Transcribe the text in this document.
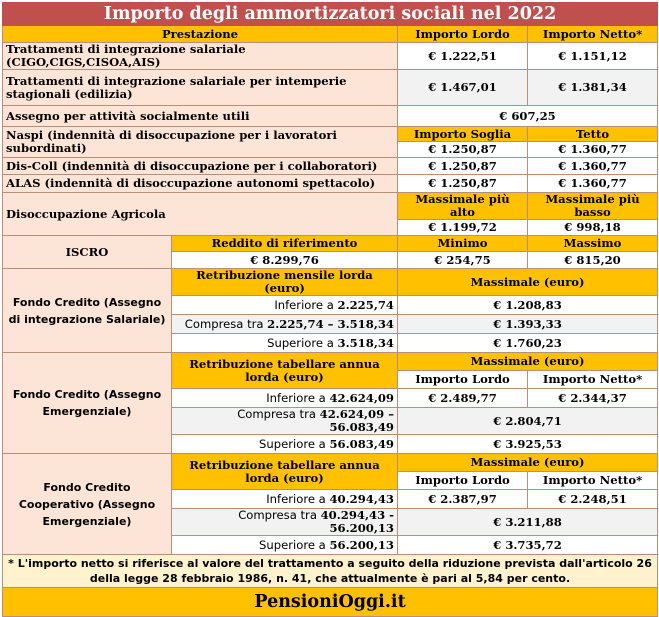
Importo degli ammortizzatori sociali nel 2022			
Prestazione		Importo Lordo	Importo Netto*
Trattamenti di integrazione salariale (CIGO,CIGS,CISOA,AIS)		€ 1.222,51	€ 1.151,12
Trattamenti di integrazione salariale per intemperie stagionali (edilizia)		€ 1.467,01	€ 1.381,34
Assegno per attività socialmente utili		€ 607,25	
Naspi (indennità di disoccupazione per i lavoratori subordinati)		Importo Soglia	Tetto
		€ 1.250,87	€ 1.360,77
Dis-Coll (indennità di disoccupazione per i collaboratori)		€ 1.250,87	€ 1.360,77
ALAS (indennità di disoccupazione autonomi spettacolo)		€ 1.250,87	€ 1.360,77
Disoccupazione Agricola		Massimale più alto	Massimale più basso
		€ 1.199,72	€ 998,18
ISCRO	Reddito di riferimento	Minimo	Massimo
	€ 8.299,76	€ 254,75	€ 815,20
Fondo Credito (Assegno di integrazione Salariale)	Retribuzione mensile lorda (euro)	Massimale (euro)	
	Inferiore a 2.225,74	€ 1.208,83	
	Compresa tra 2.225,74 – 3.518,34	€ 1.393,33	
	Superiore a 3.518,34	€ 1.760,23	
Fondo Credito (Assegno Emergenziale)	Retribuzione tabellare annua lorda (euro)	Massimale (euro)	
		Importo Lordo	Importo Netto*
	Inferiore a 42.624,09	€ 2.489,77	€ 2.344,37
	Compresa tra 42.624,09 – 56.083,49	€ 2.804,71	
	Superiore a 56.083,49	€ 3.925,53	
Fondo Credito Cooperativo (Assegno Emergenziale)	Retribuzione tabellare annua lorda (euro)	Massimale (euro)	
		Importo Lordo	Importo Netto*
	Inferiore a 40.294,43	€ 2.387,97	€ 2.248,51
	Compresa tra 40.294,43 - 56.200,13	€ 3.211,88	
	Superiore a 56.200,13	€ 3.735,72	
* L'importo netto si riferisce al valore del trattamento a seguito della riduzione prevista dall'articolo 26 della legge 28 febbraio 1986, n. 41, che attualmente è pari al 5,84 per cento.			
PensioniOggi.it			
